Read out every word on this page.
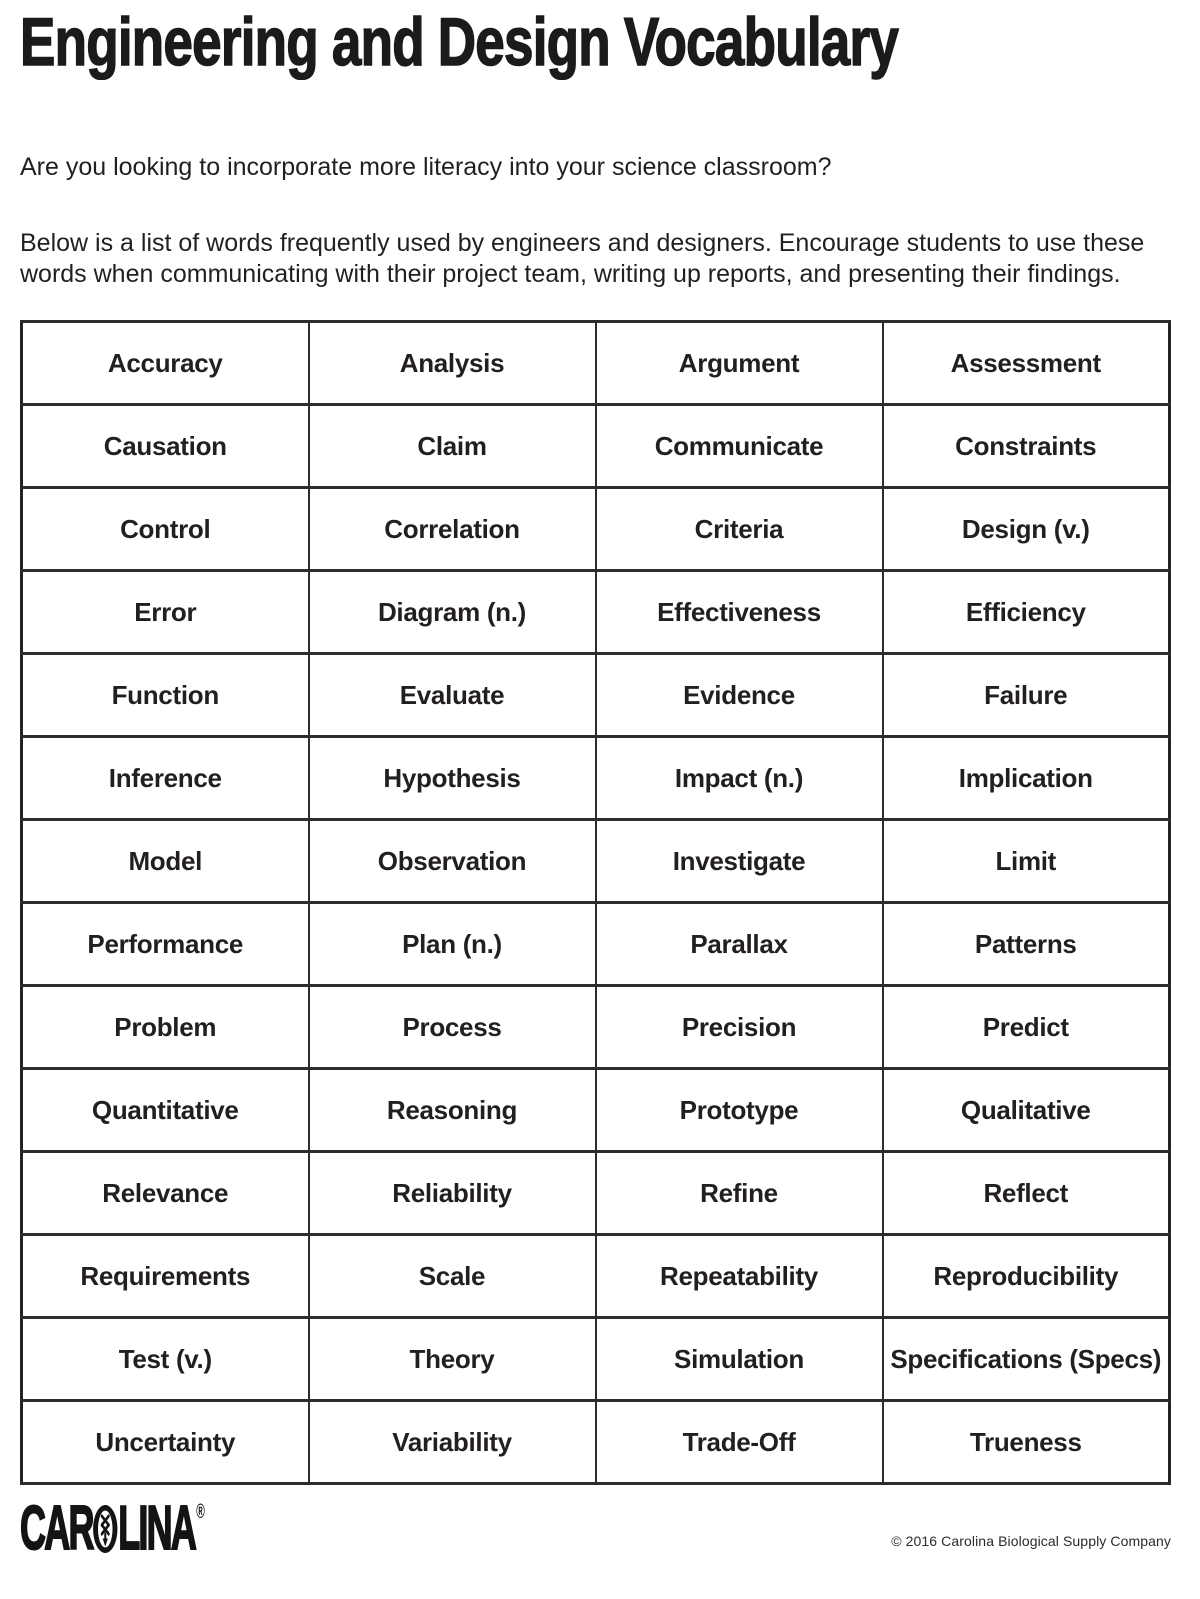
Engineering and Design Vocabulary

Are you looking to incorporate more literacy into your science classroom?

Below is a list of words frequently used by engineers and designers. Encourage students to use these words when communicating with their project team, writing up reports, and presenting their findings.

Accuracy	Analysis	Argument	Assessment
Causation	Claim	Communicate	Constraints
Control	Correlation	Criteria	Design (v.)
Error	Diagram (n.)	Effectiveness	Efficiency
Function	Evaluate	Evidence	Failure
Inference	Hypothesis	Impact (n.)	Implication
Model	Observation	Investigate	Limit
Performance	Plan (n.)	Parallax	Patterns
Problem	Process	Precision	Predict
Quantitative	Reasoning	Prototype	Qualitative
Relevance	Reliability	Refine	Reflect
Requirements	Scale	Repeatability	Reproducibility
Test (v.)	Theory	Simulation	Specifications (Specs)
Uncertainty	Variability	Trade-Off	Trueness
CAR LINA ®
© 2016 Carolina Biological Supply Company
